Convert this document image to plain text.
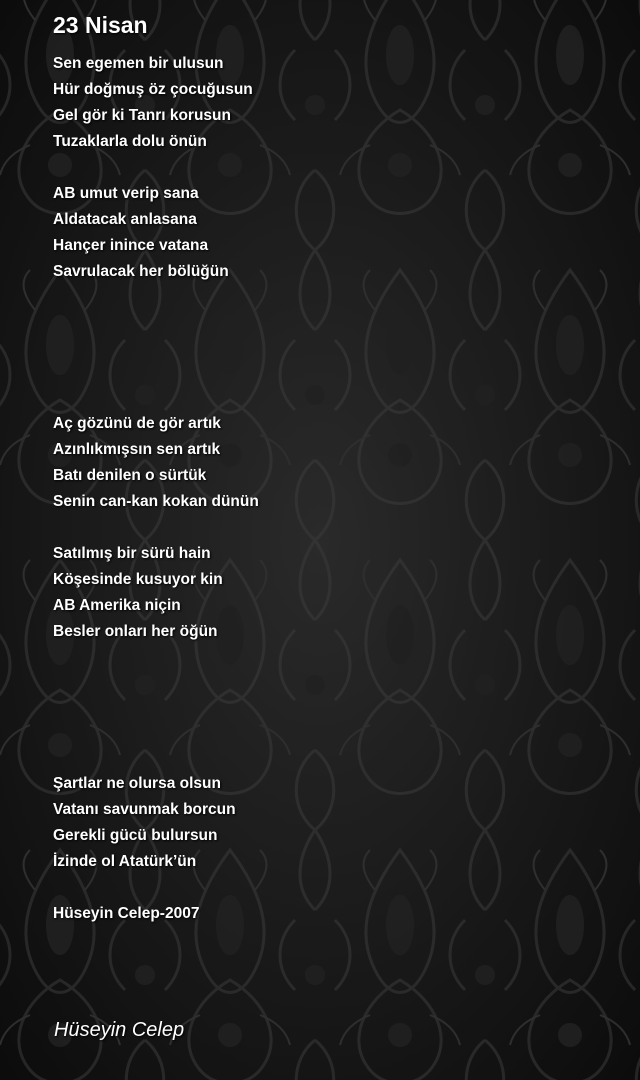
23 Nisan
Sen egemen bir ulusun
Hür doğmuş öz çocuğusun
Gel gör ki Tanrı korusun
Tuzaklarla dolu önün
AB umut verip sana
Aldatacak anlasana
Hançer inince vatana
Savrulacak her bölüğün
Aç gözünü de gör artık
Azınlıkmışsın sen artık
Batı denilen o sürtük
Senin can-kan kokan dünün
Satılmış bir sürü hain
Köşesinde kusuyor kin
AB Amerika niçin
Besler onları her öğün
Şartlar ne olursa olsun
Vatanı savunmak borcun
Gerekli gücü bulursun
İzinde ol Atatürk’ün
Hüseyin Celep-2007
Hüseyin Celep
